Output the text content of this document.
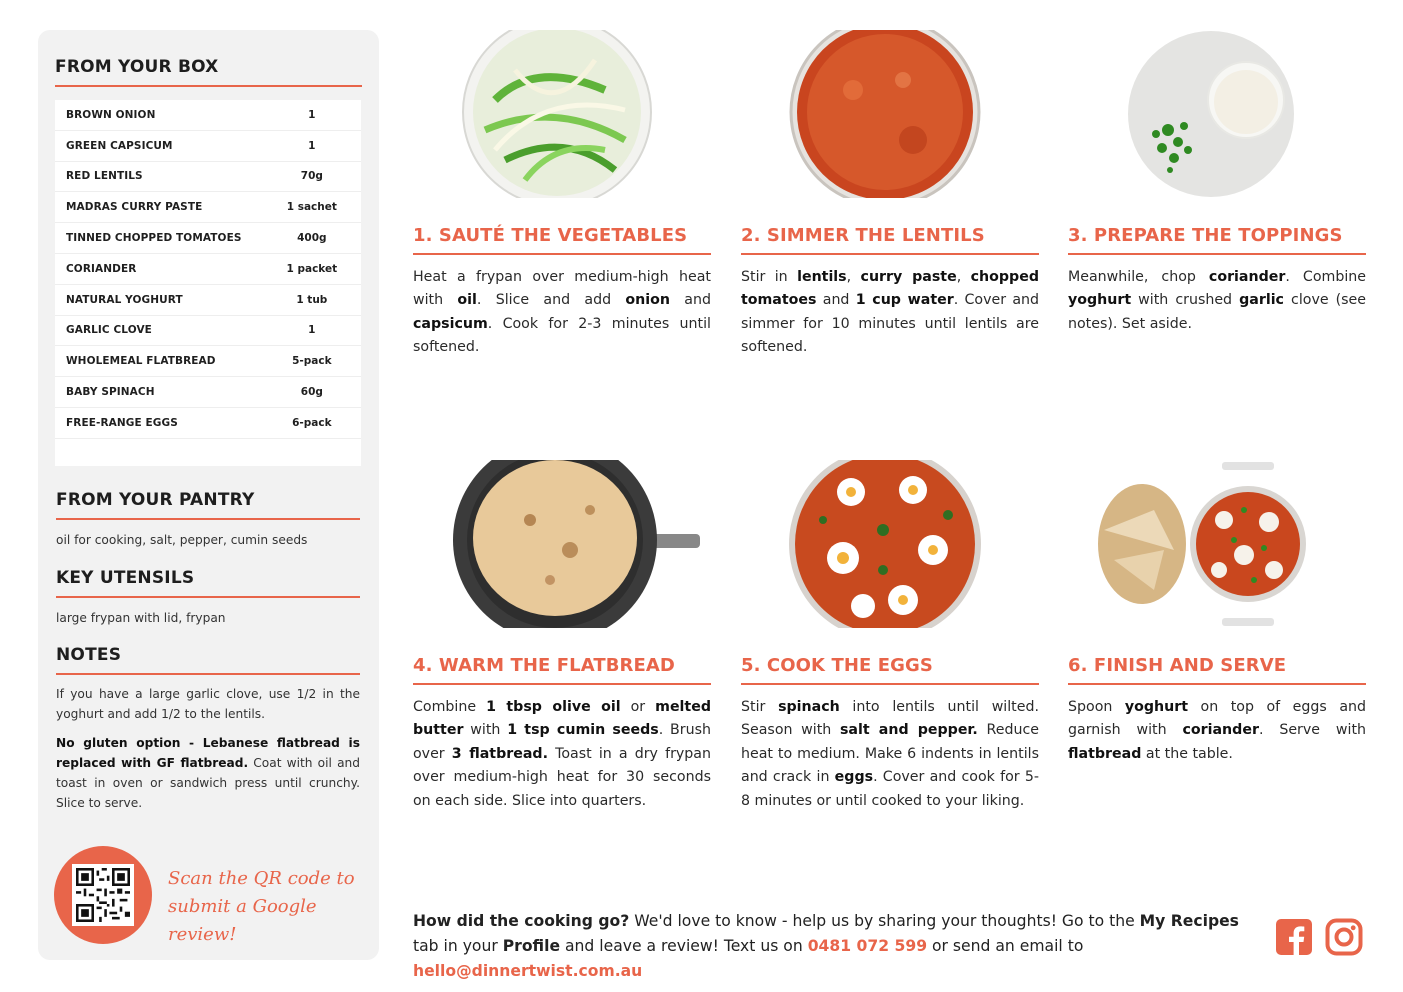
FROM YOUR BOX
BROWN ONION	1
GREEN CAPSICUM	1
RED LENTILS	70g
MADRAS CURRY PASTE	1 sachet
TINNED CHOPPED TOMATOES	400g
CORIANDER	1 packet
NATURAL YOGHURT	1 tub
GARLIC CLOVE	1
WHOLEMEAL FLATBREAD	5-pack
BABY SPINACH	60g
FREE-RANGE EGGS	6-pack
FROM YOUR PANTRY
oil for cooking, salt, pepper, cumin seeds
KEY UTENSILS
large frypan with lid, frypan
NOTES

If you have a large garlic clove, use 1/2 in the yoghurt and add 1/2 to the lentils.

No gluten option - Lebanese flatbread is replaced with GF flatbread. Coat with oil and toast in oven or sandwich press until crunchy. Slice to serve.

Scan the QR code to
submit a Google review!
1. SAUTÉ THE VEGETABLES
Heat a frypan over medium-high heat with oil. Slice and add onion and capsicum. Cook for 2-3 minutes until softened.
2. SIMMER THE LENTILS
Stir in lentils, curry paste, chopped tomatoes and 1 cup water. Cover and simmer for 10 minutes until lentils are softened.
3. PREPARE THE TOPPINGS
Meanwhile, chop coriander. Combine yoghurt with crushed garlic clove (see notes). Set aside.
4. WARM THE FLATBREAD
Combine 1 tbsp olive oil or melted butter with 1 tsp cumin seeds. Brush over 3 flatbread. Toast in a dry frypan over medium-high heat for 30 seconds on each side. Slice into quarters.
5. COOK THE EGGS
Stir spinach into lentils until wilted. Season with salt and pepper. Reduce heat to medium. Make 6 indents in lentils and crack in eggs. Cover and cook for 5-8 minutes or until cooked to your liking.
6. FINISH AND SERVE
Spoon yoghurt on top of eggs and garnish with coriander. Serve with flatbread at the table.
How did the cooking go? We'd love to know - help us by sharing your thoughts! Go to the My Recipes tab in your Profile and leave a review! Text us on 0481 072 599 or send an email to hello@dinnertwist.com.au
